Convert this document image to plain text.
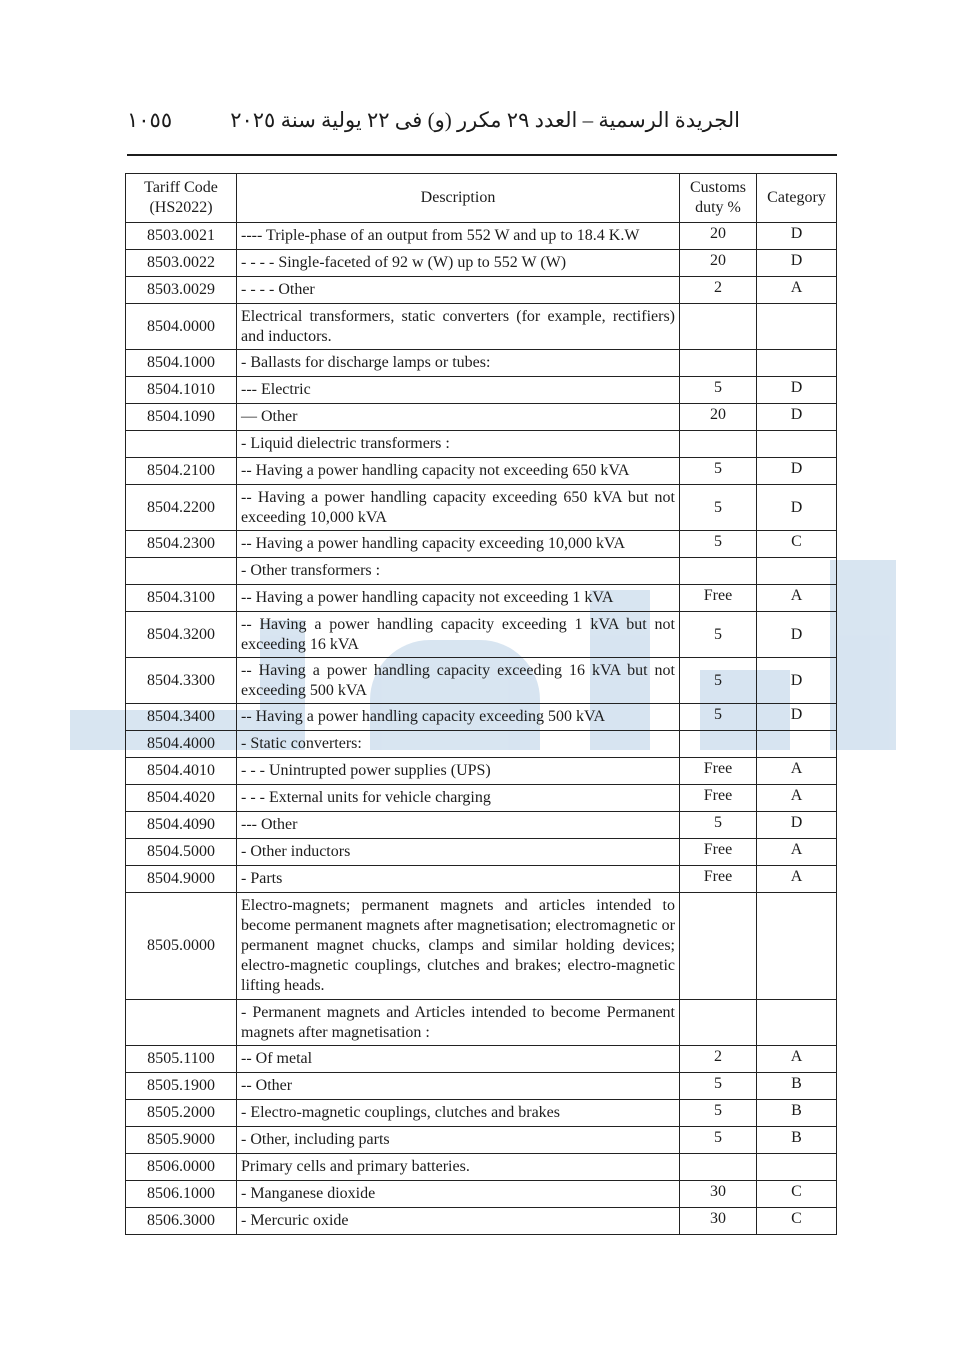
١٠٥٥	الجريدة الرسمية – العدد ٢٩ مكرر (و) فى ٢٢ يولية سنة ٢٠٢٥
Tariff Code (HS2022)	Description	Customs duty %	Category
8503.0021	---- Triple-phase of an output from 552 W and up to 18.4 K.W	20	D
8503.0022	- - - - Single-faceted of 92 w (W) up to 552 W (W)	20	D
8503.0029	- - - - Other	2	A
8504.0000	Electrical transformers, static converters (for example, rectifiers) and inductors.		
8504.1000	- Ballasts for discharge lamps or tubes:		
8504.1010	--- Electric	5	D
8504.1090	— Other	20	D
	- Liquid dielectric transformers :		
8504.2100	-- Having a power handling capacity not exceeding 650 kVA	5	D
8504.2200	-- Having a power handling capacity exceeding 650 kVA but not exceeding 10,000 kVA	5	D
8504.2300	-- Having a power handling capacity exceeding 10,000 kVA	5	C
	- Other transformers :		
8504.3100	-- Having a power handling capacity not exceeding 1 kVA	Free	A
8504.3200	-- Having a power handling capacity exceeding 1 kVA but not exceeding 16 kVA	5	D
8504.3300	-- Having a power handling capacity exceeding 16 kVA but not exceeding 500 kVA	5	D
8504.3400	-- Having a power handling capacity exceeding 500 kVA	5	D
8504.4000	- Static converters:		
8504.4010	- - - Unintrupted power supplies (UPS)	Free	A
8504.4020	- - - External units for vehicle charging	Free	A
8504.4090	--- Other	5	D
8504.5000	- Other inductors	Free	A
8504.9000	- Parts	Free	A
8505.0000	Electro-magnets; permanent magnets and articles intended to become permanent magnets after magnetisation; electromagnetic or permanent magnet chucks, clamps and similar holding devices; electro-magnetic couplings, clutches and brakes; electro-magnetic lifting heads.		
	- Permanent magnets and Articles intended to become Permanent magnets after magnetisation :		
8505.1100	-- Of metal	2	A
8505.1900	-- Other	5	B
8505.2000	- Electro-magnetic couplings, clutches and brakes	5	B
8505.9000	- Other, including parts	5	B
8506.0000	Primary cells and primary batteries.		
8506.1000	- Manganese dioxide	30	C
8506.3000	- Mercuric oxide	30	C
